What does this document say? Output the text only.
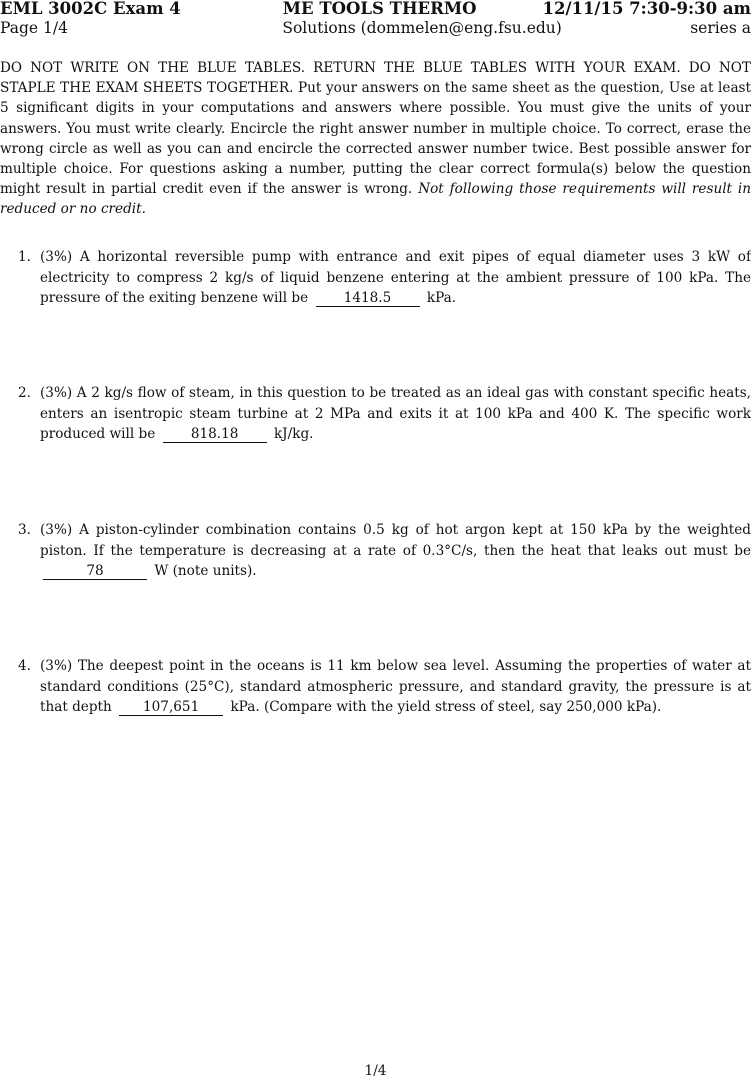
EML 3002C Exam 4	ME TOOLS THERMO	12/11/15 7:30-9:30 am
Page 1/4	Solutions (dommelen@eng.fsu.edu)	series a

DO NOT WRITE ON THE BLUE TABLES. RETURN THE BLUE TABLES WITH YOUR EXAM. DO NOT STAPLE THE EXAM SHEETS TOGETHER. Put your answers on the same sheet as the question, Use at least 5 significant digits in your computations and answers where possible. You must give the units of your answers. You must write clearly. Encircle the right answer number in multiple choice. To correct, erase the wrong circle as well as you can and encircle the corrected answer number twice. Best possible answer for multiple choice. For questions asking a number, putting the clear correct formula(s) below the question might result in partial credit even if the answer is wrong. Not following those requirements will result in reduced or no credit.

1. (3%) A horizontal reversible pump with entrance and exit pipes of equal diameter uses 3 kW of electricity to compress 2 kg/s of liquid benzene entering at the ambient pressure of 100 kPa. The pressure of the exiting benzene will be	1418.5	kPa.
2. (3%) A 2 kg/s flow of steam, in this question to be treated as an ideal gas with constant specific heats, enters an isentropic steam turbine at 2 MPa and exits it at 100 kPa and 400 K. The specific work produced will be	818.18	kJ/kg.
3. (3%) A piston-cylinder combination contains 0.5 kg of hot argon kept at 150 kPa by the weighted piston. If the temperature is decreasing at a rate of 0.3°C/s, then the heat that leaks out must be 78	W (note units).
4. (3%) The deepest point in the oceans is 11 km below sea level. Assuming the properties of water at standard conditions (25°C), standard atmospheric pressure, and standard gravity, the pressure is at that depth 107,651 kPa. (Compare with the yield stress of steel, say 250,000 kPa).
1/4
